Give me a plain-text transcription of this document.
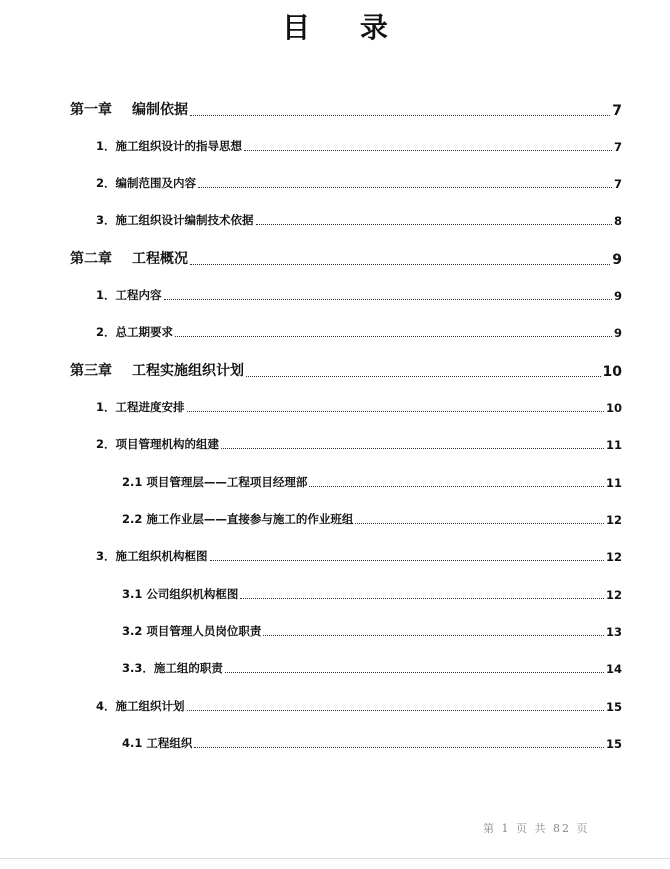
目 录
第一章 编制依据	7
1．施工组织设计的指导思想	7
2．编制范围及内容	7
3．施工组织设计编制技术依据	8
第二章 工程概况	9
1．工程内容	9
2．总工期要求	9
第三章 工程实施组织计划	10
1．工程进度安排	10
2．项目管理机构的组建	11
2.1 项目管理层——工程项目经理部	11
2.2 施工作业层——直接参与施工的作业班组	12
3．施工组织机构框图	12
3.1 公司组织机构框图	12
3.2 项目管理人员岗位职责	13
3.3．施工组的职责	14
4．施工组织计划	15
4.1 工程组织	15
第 1 页 共 82 页
